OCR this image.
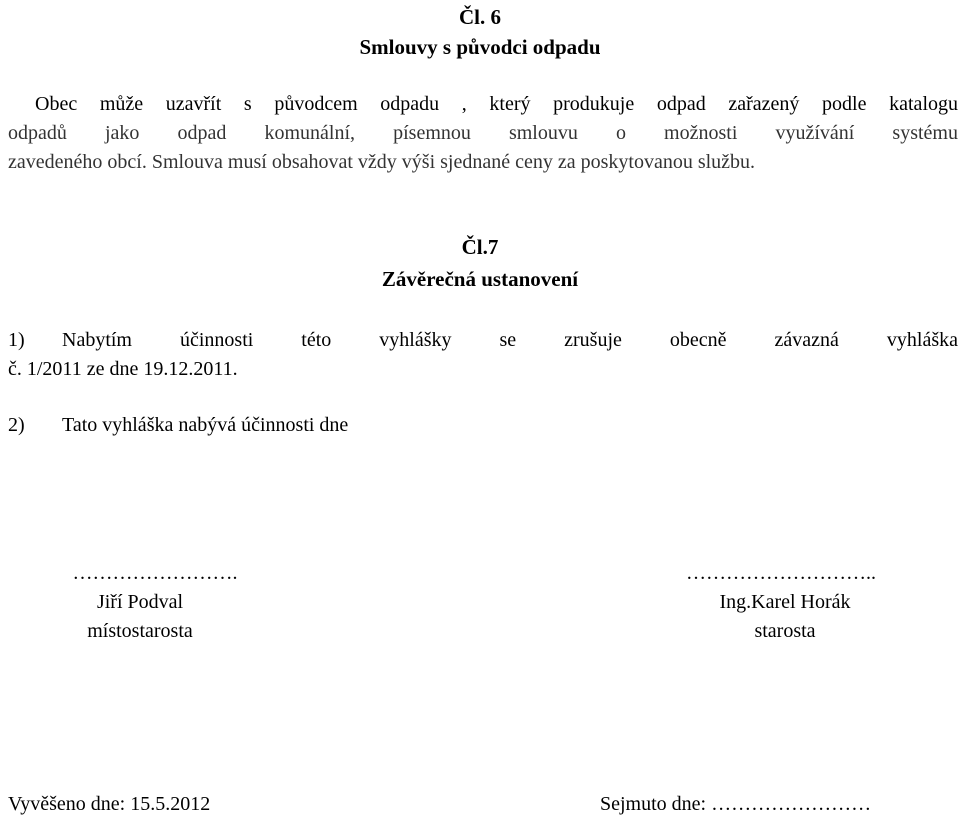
Čl. 6
Smlouvy s původci odpadu
Obec může uzavřít s původcem odpadu , který produkuje odpad zařazený podle katalogu
odpadů jako odpad komunální, písemnou smlouvu o možnosti využívání systému
zavedeného obcí. Smlouva musí obsahovat vždy výši sjednané ceny za poskytovanou službu.
Čl.7
Závěrečná ustanovení
1) Nabytím účinnosti této vyhlášky se zrušuje obecně závazná vyhláška
č. 1/2011 ze dne 19.12.2011.
2) Tato vyhláška nabývá účinnosti dne
…………………….
Jiří Podval
místostarosta
………………………..
Ing.Karel Horák
starosta
Vyvěšeno dne: 15.5.2012	Sejmuto dne: ……………………
